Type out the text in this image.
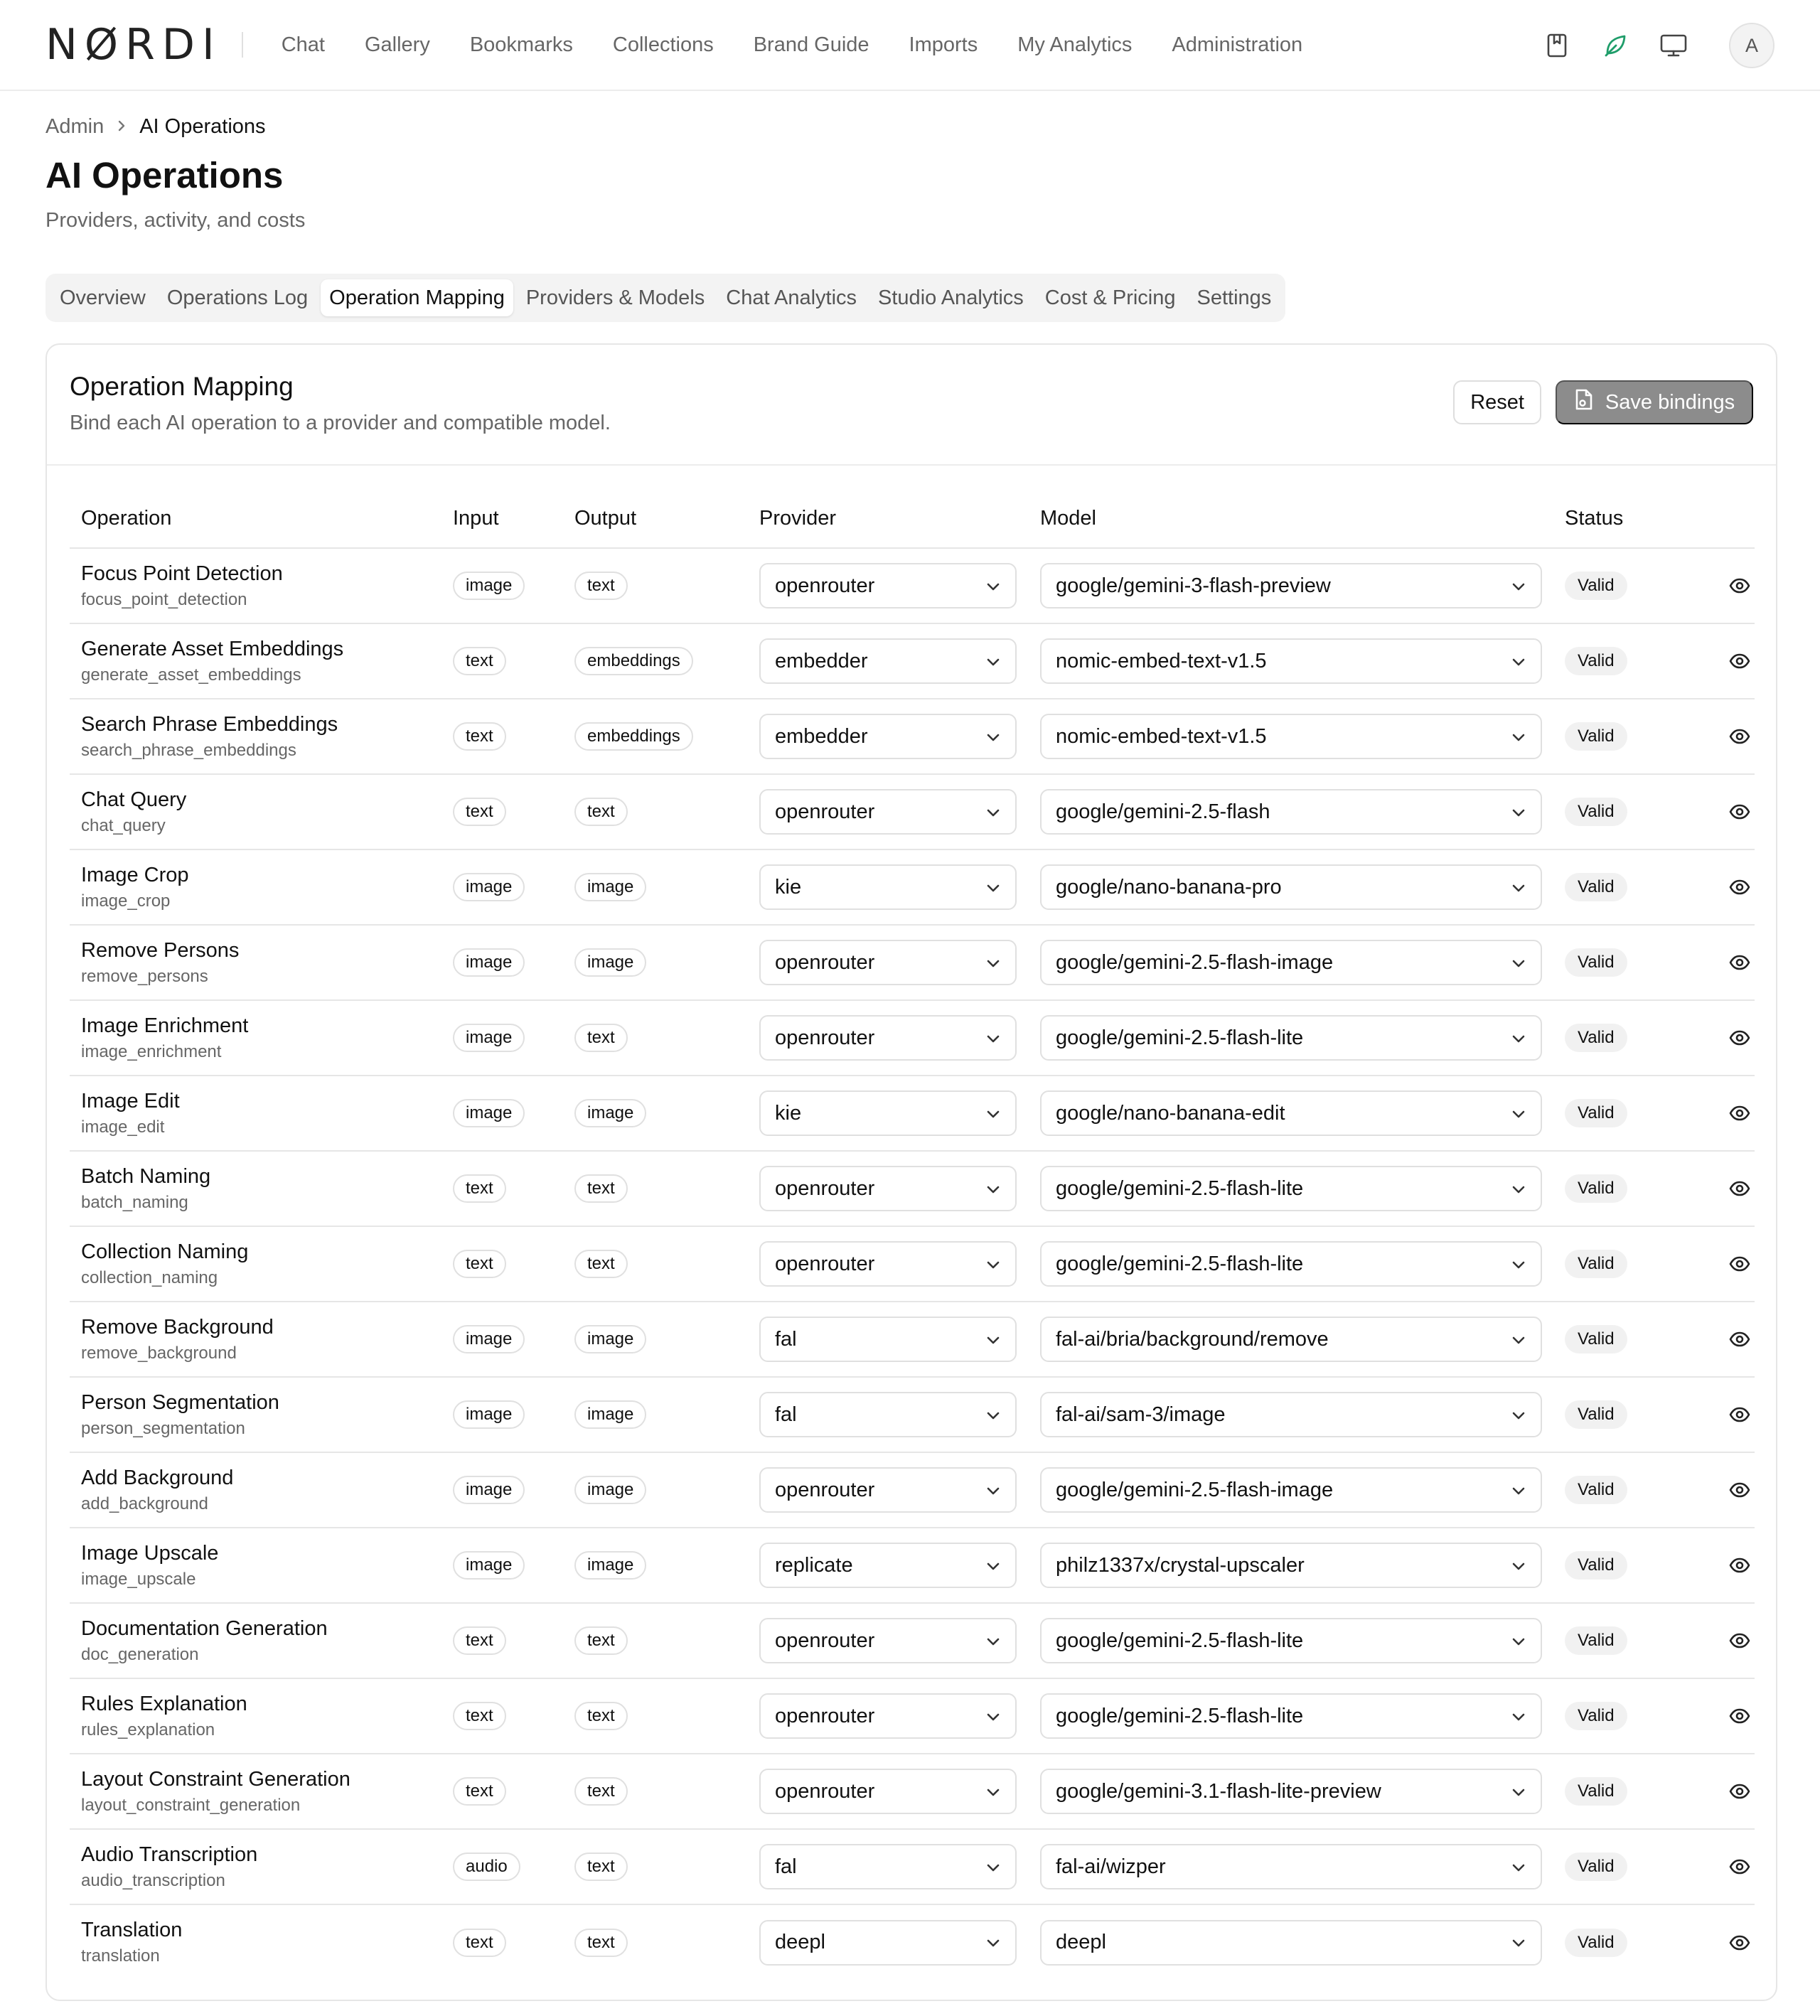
NØRDI	Chat Gallery Bookmarks Collections Brand Guide Imports My Analytics Administration	A
Admin AI Operations
AI Operations

Providers, activity, and costs

Overview	Operations Log	Operation Mapping	Providers & Models	Chat Analytics	Studio Analytics	Cost & Pricing	Settings
Operation Mapping

Bind each AI operation to a provider and compatible model.

Reset	Save bindings
Operation	Input	Output	Provider	Model	Status	

Focus Point Detection
focus_point_detection	image	text	openrouter	google/gemini-3-flash-preview	Valid	

Generate Asset Embeddings
generate_asset_embeddings	text	embeddings	embedder	nomic-embed-text-v1.5	Valid	

Search Phrase Embeddings
search_phrase_embeddings	text	embeddings	embedder	nomic-embed-text-v1.5	Valid	

Chat Query
chat_query	text	text	openrouter	google/gemini-2.5-flash	Valid	

Image Crop
image_crop	image	image	kie	google/nano-banana-pro	Valid	

Remove Persons
remove_persons	image	image	openrouter	google/gemini-2.5-flash-image	Valid	

Image Enrichment
image_enrichment	image	text	openrouter	google/gemini-2.5-flash-lite	Valid	

Image Edit
image_edit	image	image	kie	google/nano-banana-edit	Valid	

Batch Naming
batch_naming	text	text	openrouter	google/gemini-2.5-flash-lite	Valid	

Collection Naming
collection_naming	text	text	openrouter	google/gemini-2.5-flash-lite	Valid	

Remove Background
remove_background	image	image	fal	fal-ai/bria/background/remove	Valid	

Person Segmentation
person_segmentation	image	image	fal	fal-ai/sam-3/image	Valid	

Add Background
add_background	image	image	openrouter	google/gemini-2.5-flash-image	Valid	

Image Upscale
image_upscale	image	image	replicate	philz1337x/crystal-upscaler	Valid	

Documentation Generation
doc_generation	text	text	openrouter	google/gemini-2.5-flash-lite	Valid	

Rules Explanation
rules_explanation	text	text	openrouter	google/gemini-2.5-flash-lite	Valid	

Layout Constraint Generation
layout_constraint_generation	text	text	openrouter	google/gemini-3.1-flash-lite-preview	Valid	

Audio Transcription
audio_transcription	audio	text	fal	fal-ai/wizper	Valid	

Translation
translation	text	text	deepl	deepl	Valid	
